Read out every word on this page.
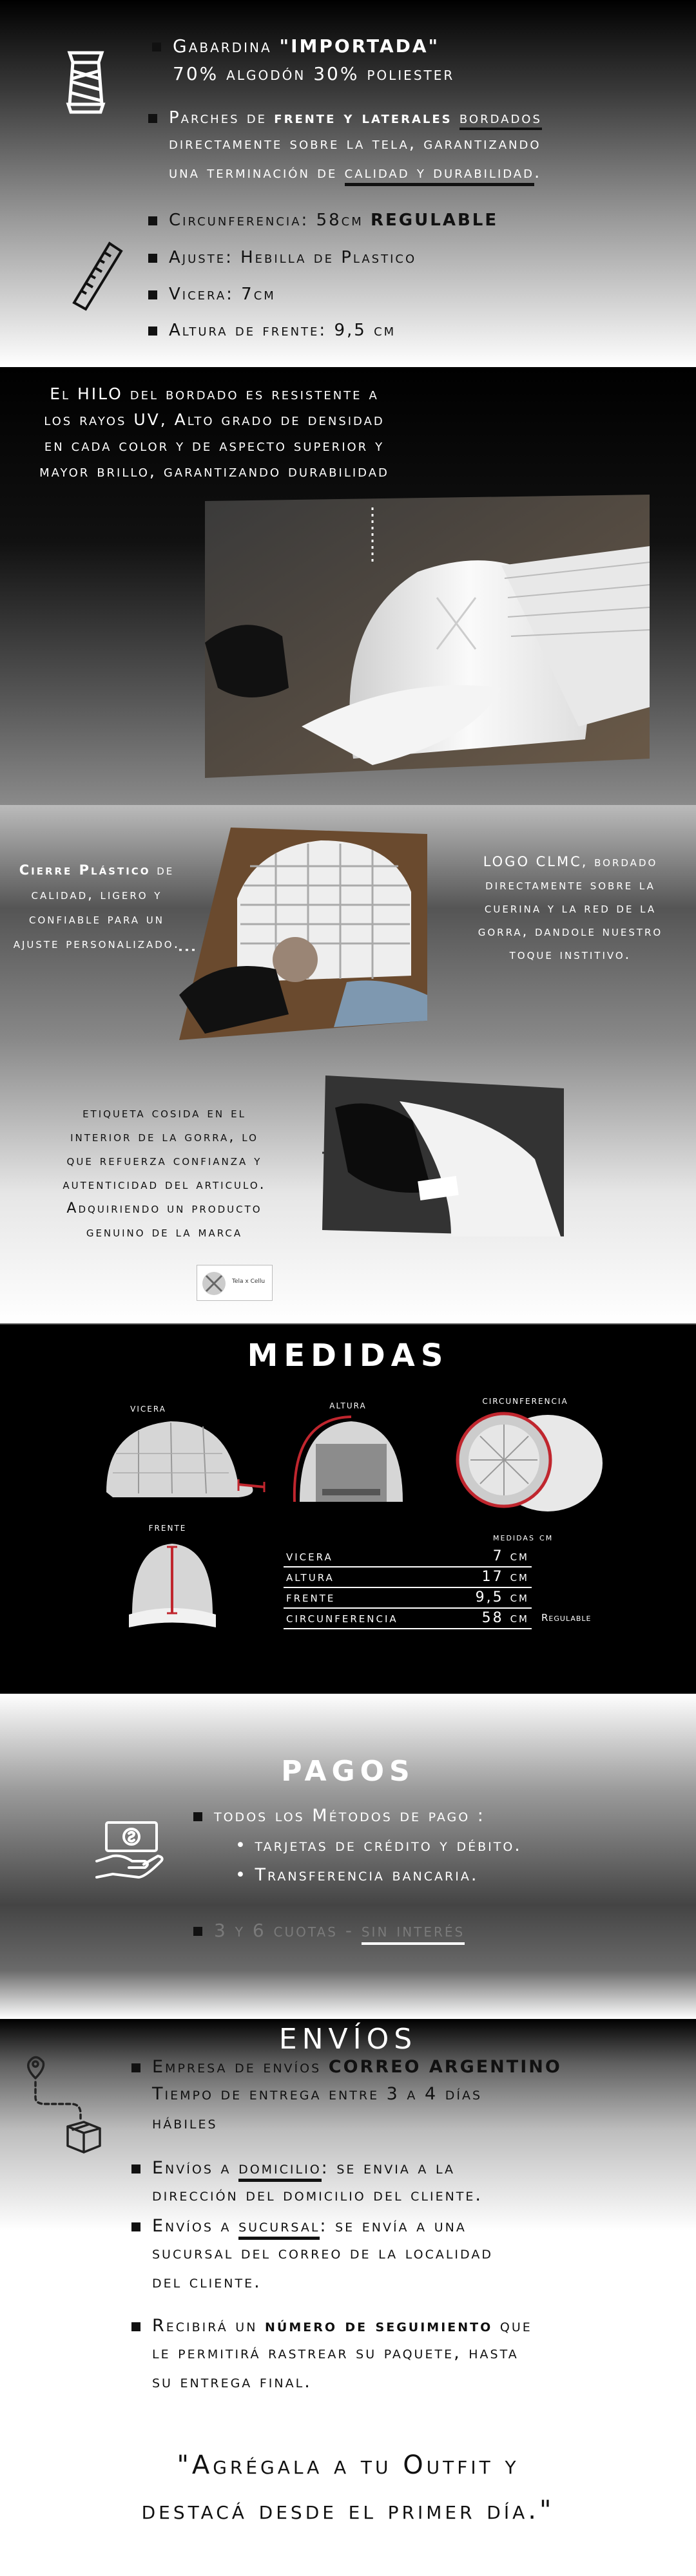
Gabardina "IMPORTADA"
70% algodón 30% poliester
Parches de frente y laterales bordados
directamente sobre la tela, garantizando
una terminación de calidad y durabilidad.
Circunferencia: 58cm REGULABLE
Ajuste: Hebilla de Plastico
Vicera: 7cm
Altura de frente: 9,5 cm
El HILO del bordado es resistente a
los rayos UV, Alto grado de densidad
en cada color y de aspecto superior y
mayor brillo, garantizando durabilidad
Cierre Plástico de
calidad, ligero y
confiable para un
ajuste personalizado.
LOGO CLMC, bordado
directamente sobre la
cuerina y la red de la
gorra, dandole nuestro
toque institivo.
etiqueta cosida en el
interior de la gorra, lo
que refuerza confianza y
autenticidad del articulo.
Adquiriendo un producto
genuino de la marca
Tela x Cellu
MEDIDAS
vicera	altura	circunferencia
frente
medidas cm
vicera	7 cm
altura	17 cm
frente	9,5 cm
circunferencia	58 cm Regulable
PAGOS
todos los Métodos de pago :
• tarjetas de crédito y débito.
• Transferencia bancaria.
3 y 6 cuotas - sin interés
ENVÍOS
Empresa de envíos CORREO ARGENTINO
Tiempo de entrega entre 3 a 4 días
hábiles
Envíos a domicilio: se envia a la
dirección del domicilio del cliente.
Envíos a sucursal: se envía a una
sucursal del correo de la localidad
del cliente.
Recibirá un número de seguimiento que
le permitirá rastrear su paquete, hasta
su entrega final.
"Agrégala a tu Outfit y
destacá desde el primer día."
